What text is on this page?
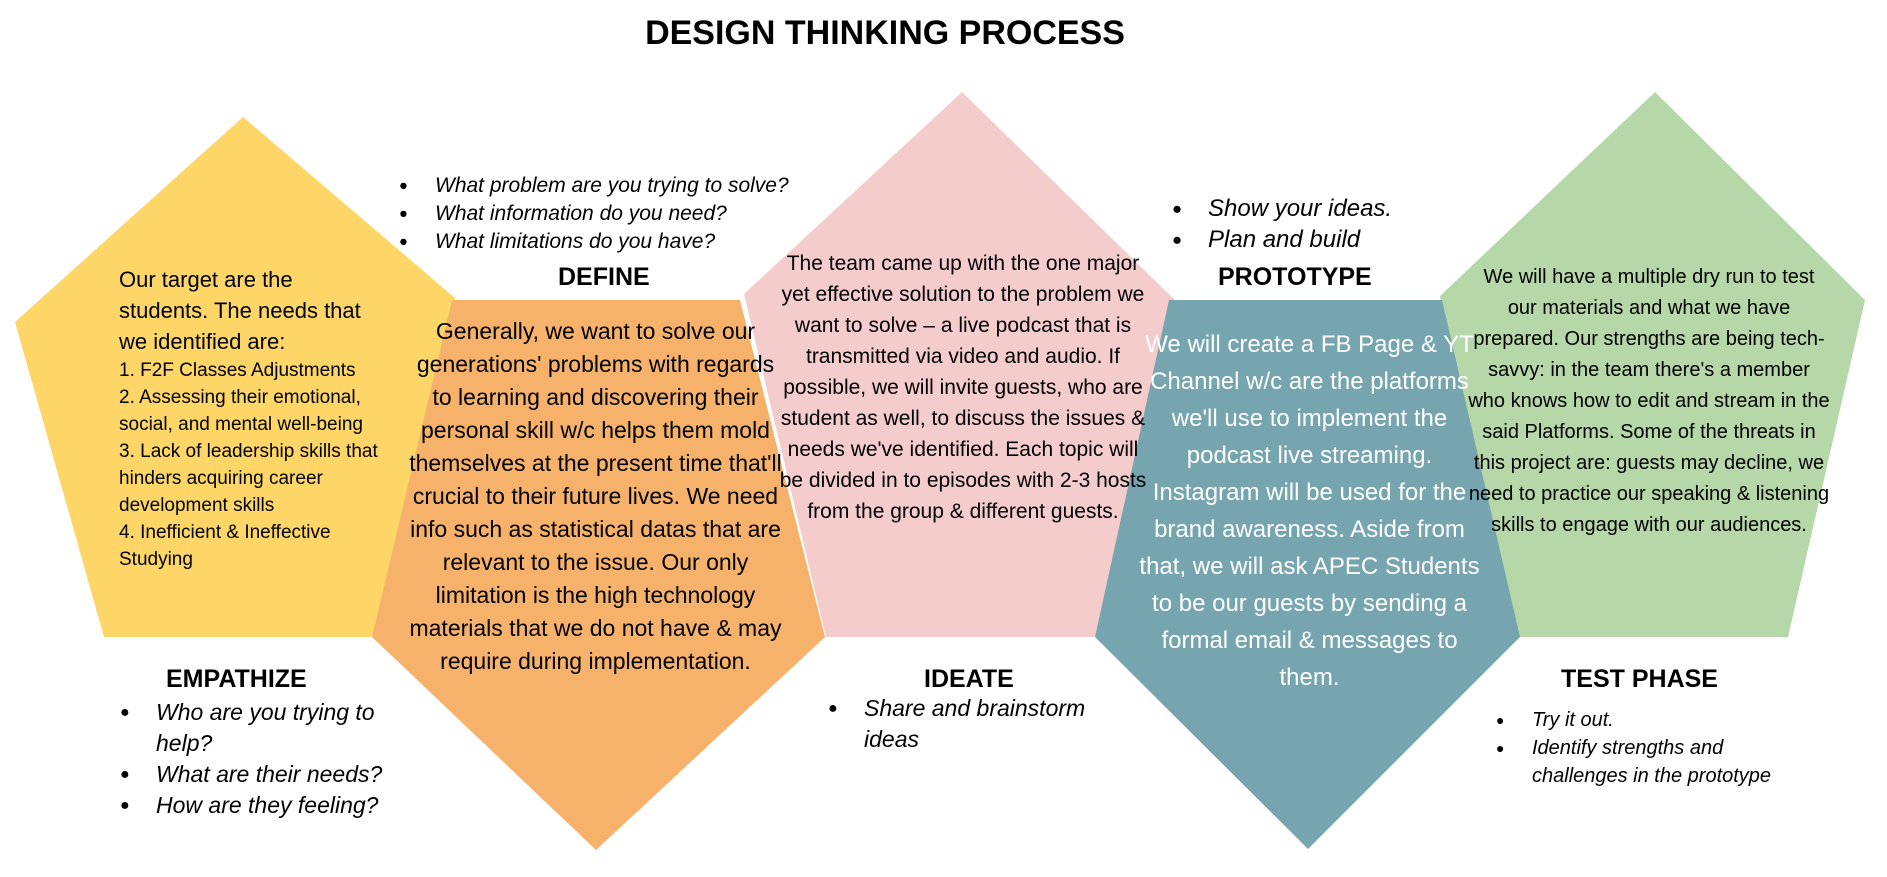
DESIGN THINKING PROCESS
● What problem are you trying to solve?
● What information do you need?
● What limitations do you have?
DEFINE
● Show your ideas.
● Plan and build
PROTOTYPE
EMPATHIZE
● Who are you trying to help?
● What are their needs?
● How are they feeling?
IDEATE
● Share and brainstorm ideas
TEST PHASE
● Try it out.
● Identify strengths and challenges in the prototype
Our target are the students. The needs that we identified are:
1. F2F Classes Adjustments
2. Assessing their emotional, social, and mental well-being
3. Lack of leadership skills that hinders acquiring career development skills
4. Inefficient & Ineffective Studying
Generally, we want to solve our generations' problems with regards to learning and discovering their personal skill w/c helps them mold themselves at the present time that'll crucial to their future lives. We need info such as statistical datas that are relevant to the issue. Our only limitation is the high technology materials that we do not have & may require during implementation.
The team came up with the one major yet effective solution to the problem we want to solve – a live podcast that is transmitted via video and audio. If possible, we will invite guests, who are student as well, to discuss the issues & needs we've identified. Each topic will be divided in to episodes with 2-3 hosts from the group & different guests.
We will create a FB Page & YT Channel w/c are the platforms we'll use to implement the podcast live streaming. Instagram will be used for the brand awareness. Aside from that, we will ask APEC Students to be our guests by sending a formal email & messages to them.
We will have a multiple dry run to test our materials and what we have prepared. Our strengths are being tech-savvy: in the team there's a member who knows how to edit and stream in the said Platforms. Some of the threats in this project are: guests may decline, we need to practice our speaking & listening skills to engage with our audiences.
